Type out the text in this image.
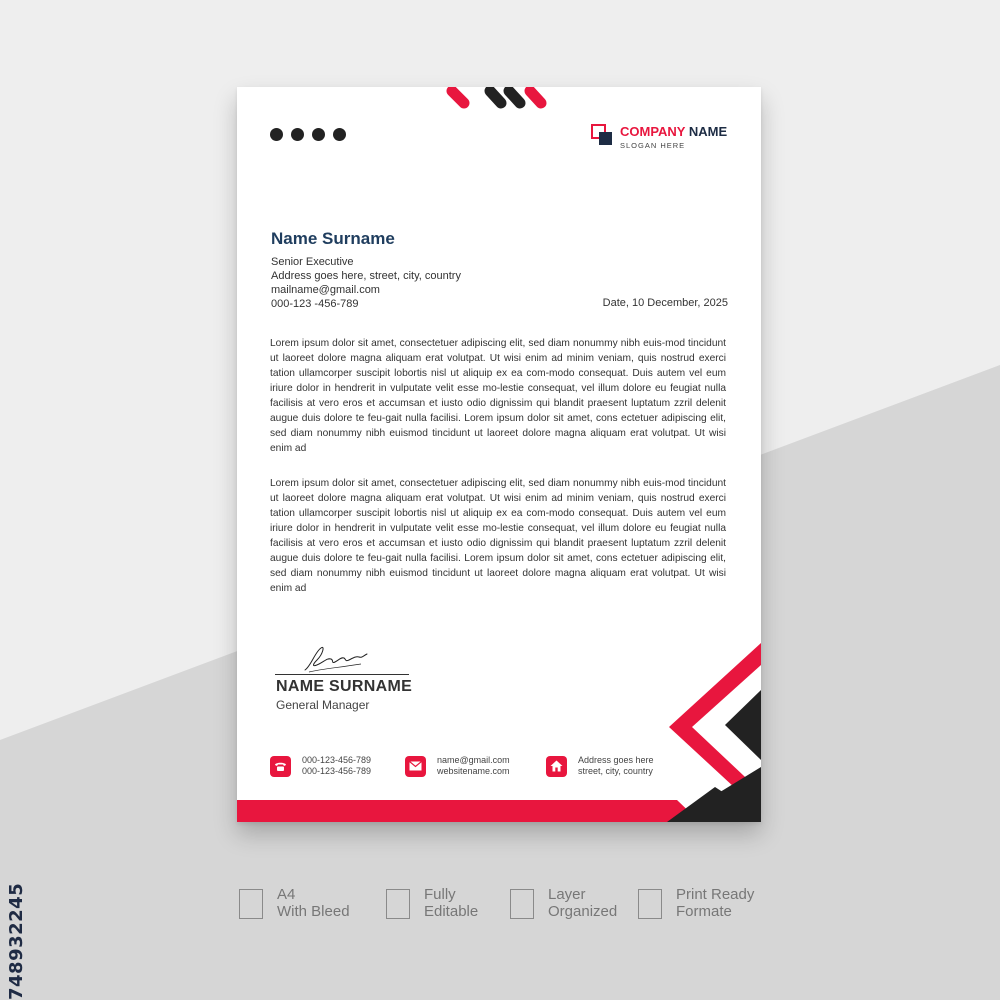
748932245
COMPANY NAME
SLOGAN HERE
Name Surname
Senior Executive
Address goes here, street, city, country
mailname@gmail.com
000-123 -456-789	Date, 10 December, 2025

Lorem ipsum dolor sit amet, consectetuer adipiscing elit, sed diam nonummy nibh euis-mod tincidunt ut laoreet dolore magna aliquam erat volutpat. Ut wisi enim ad minim veniam, quis nostrud exerci tation ullamcorper suscipit lobortis nisl ut aliquip ex ea com-modo consequat. Duis autem vel eum iriure dolor in hendrerit in vulputate velit esse mo-lestie consequat, vel illum dolore eu feugiat nulla facilisis at vero eros et accumsan et iusto odio dignissim qui blandit praesent luptatum zzril delenit augue duis dolore te feu-gait nulla facilisi. Lorem ipsum dolor sit amet, cons ectetuer adipiscing elit, sed diam nonummy nibh euismod tincidunt ut laoreet dolore magna aliquam erat volutpat. Ut wisi enim ad

Lorem ipsum dolor sit amet, consectetuer adipiscing elit, sed diam nonummy nibh euis-mod tincidunt ut laoreet dolore magna aliquam erat volutpat. Ut wisi enim ad minim veniam, quis nostrud exerci tation ullamcorper suscipit lobortis nisl ut aliquip ex ea com-modo consequat. Duis autem vel eum iriure dolor in hendrerit in vulputate velit esse mo-lestie consequat, vel illum dolore eu feugiat nulla facilisis at vero eros et accumsan et iusto odio dignissim qui blandit praesent luptatum zzril delenit augue duis dolore te feu-gait nulla facilisi. Lorem ipsum dolor sit amet, cons ectetuer adipiscing elit, sed diam nonummy nibh euismod tincidunt ut laoreet dolore magna aliquam erat volutpat. Ut wisi enim ad

NAME SURNAME
General Manager
000-123-456-789
000-123-456-789
name@gmail.com
websitename.com
Address goes here
street, city, country
A4
With Bleed
Fully
Editable
Layer
Organized
Print Ready
Formate
